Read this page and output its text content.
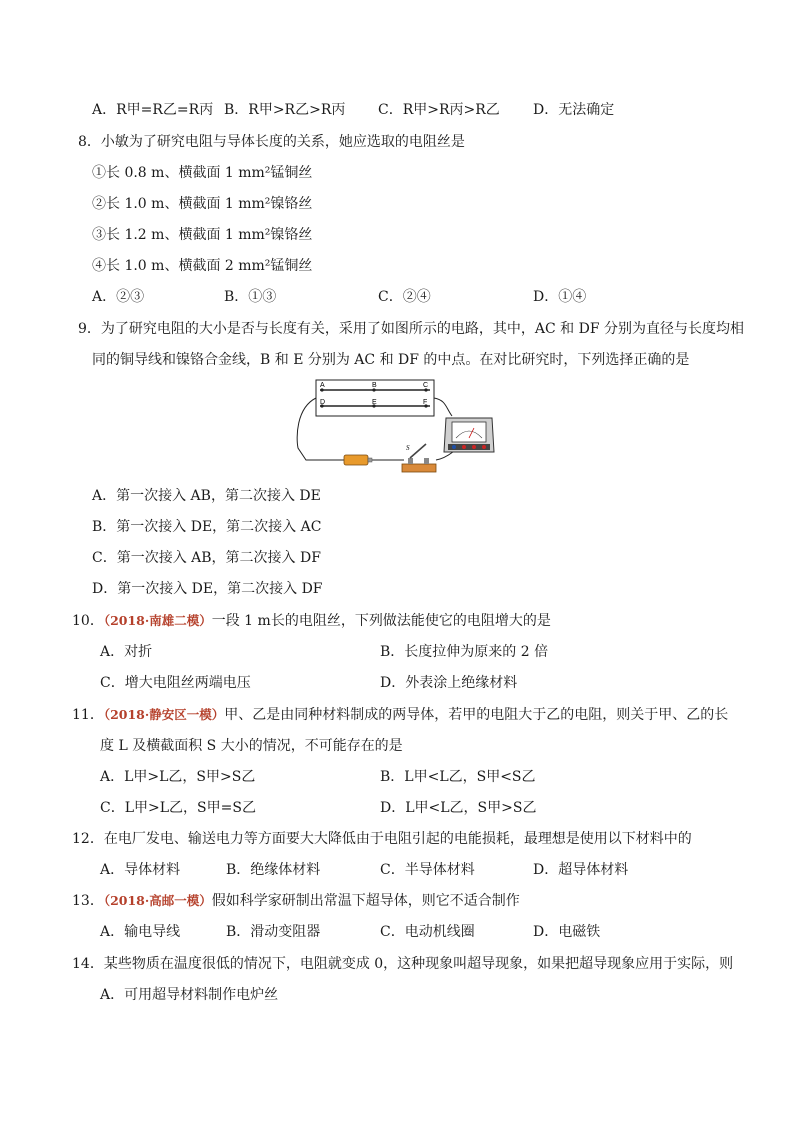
A．R甲=R乙=R丙 B．R甲>R乙>R丙 C．R甲>R丙>R乙 D．无法确定
8．小敏为了研究电阻与导体长度的关系，她应选取的电阻丝是
①长 0.8 m、横截面 1 mm²锰铜丝
②长 1.0 m、横截面 1 mm²镍铬丝
③长 1.2 m、横截面 1 mm²镍铬丝
④长 1.0 m、横截面 2 mm²锰铜丝
A．②③	B．①③	C．②④	D．①④
9．为了研究电阻的大小是否与长度有关，采用了如图所示的电路，其中，AC 和 DF 分别为直径与长度均相
同的铜导线和镍铬合金线，B 和 E 分别为 AC 和 DF 的中点。在对比研究时，下列选择正确的是
A	B	C
D	E	F
S
A．第一次接入 AB，第二次接入 DE
B．第一次接入 DE，第二次接入 AC
C．第一次接入 AB，第二次接入 DF
D．第一次接入 DE，第二次接入 DF
10．（2018·南雄二模）一段 1 m长的电阻丝，下列做法能使它的电阻增大的是
A．对折	B．长度拉伸为原来的 2 倍
C．增大电阻丝两端电压	D．外表涂上绝缘材料
11．（2018·静安区一模）甲、乙是由同种材料制成的两导体，若甲的电阻大于乙的电阻，则关于甲、乙的长
度 L 及横截面积 S 大小的情况，不可能存在的是
A．L甲>L乙，S甲>S乙	B．L甲<L乙，S甲<S乙
C．L甲>L乙，S甲=S乙	D．L甲<L乙，S甲>S乙
12．在电厂发电、输送电力等方面要大大降低由于电阻引起的电能损耗，最理想是使用以下材料中的
A．导体材料	B．绝缘体材料	C．半导体材料	D．超导体材料
13．（2018·高邮一模）假如科学家研制出常温下超导体，则它不适合制作
A．输电导线	B．滑动变阻器	C．电动机线圈	D．电磁铁
14．某些物质在温度很低的情况下，电阻就变成 0，这种现象叫超导现象，如果把超导现象应用于实际，则
A．可用超导材料制作电炉丝
